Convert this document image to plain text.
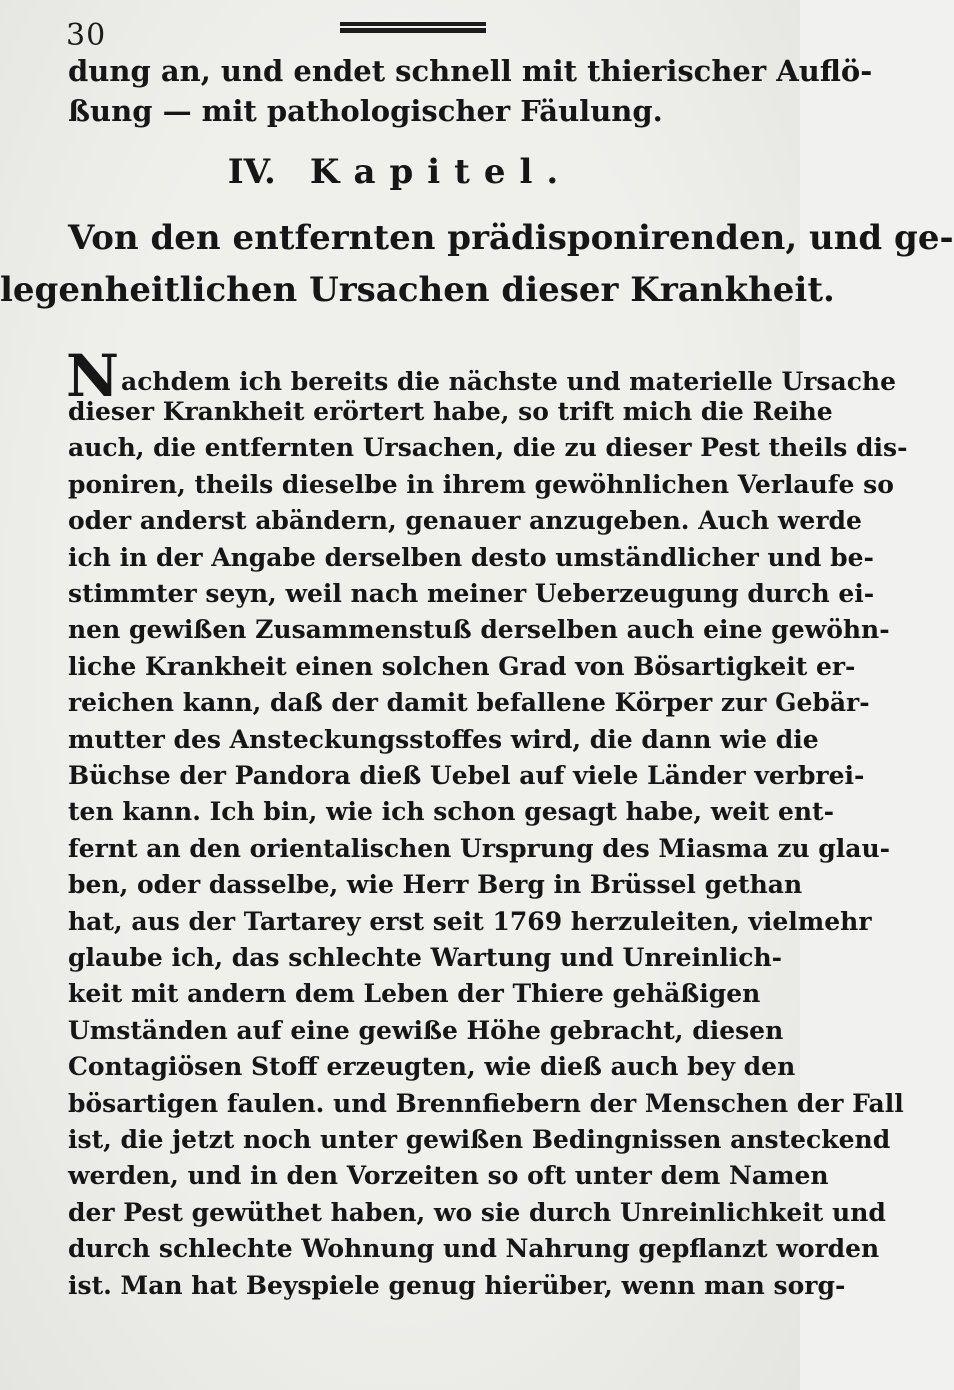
30
dung an, und endet schnell mit thierischer Auflö-
ßung — mit pathologischer Fäulung.
IV. Kapitel.
Von den entfernten prädisponirenden, und ge-
legenheitlichen Ursachen dieser Krankheit.
Nachdem ich bereits die nächste und materielle Ursache
dieser Krankheit erörtert habe, so trift mich die Reihe
auch, die entfernten Ursachen, die zu dieser Pest theils dis-
poniren, theils dieselbe in ihrem gewöhnlichen Verlaufe so
oder anderst abändern, genauer anzugeben. Auch werde
ich in der Angabe derselben desto umständlicher und be-
stimmter seyn, weil nach meiner Ueberzeugung durch ei-
nen gewißen Zusammenstuß derselben auch eine gewöhn-
liche Krankheit einen solchen Grad von Bösartigkeit er-
reichen kann, daß der damit befallene Körper zur Gebär-
mutter des Ansteckungsstoffes wird, die dann wie die
Büchse der Pandora dieß Uebel auf viele Länder verbrei-
ten kann. Ich bin, wie ich schon gesagt habe, weit ent-
fernt an den orientalischen Ursprung des Miasma zu glau-
ben, oder dasselbe, wie Herr Berg in Brüssel gethan
hat, aus der Tartarey erst seit 1769 herzuleiten, vielmehr
glaube ich, das schlechte Wartung und Unreinlich-
keit mit andern dem Leben der Thiere gehäßigen
Umständen auf eine gewiße Höhe gebracht, diesen
Contagiösen Stoff erzeugten, wie dieß auch bey den
bösartigen faulen. und Brennfiebern der Menschen der Fall
ist, die jetzt noch unter gewißen Bedingnissen ansteckend
werden, und in den Vorzeiten so oft unter dem Namen
der Pest gewüthet haben, wo sie durch Unreinlichkeit und
durch schlechte Wohnung und Nahrung gepflanzt worden
ist. Man hat Beyspiele genug hierüber, wenn man sorg-
